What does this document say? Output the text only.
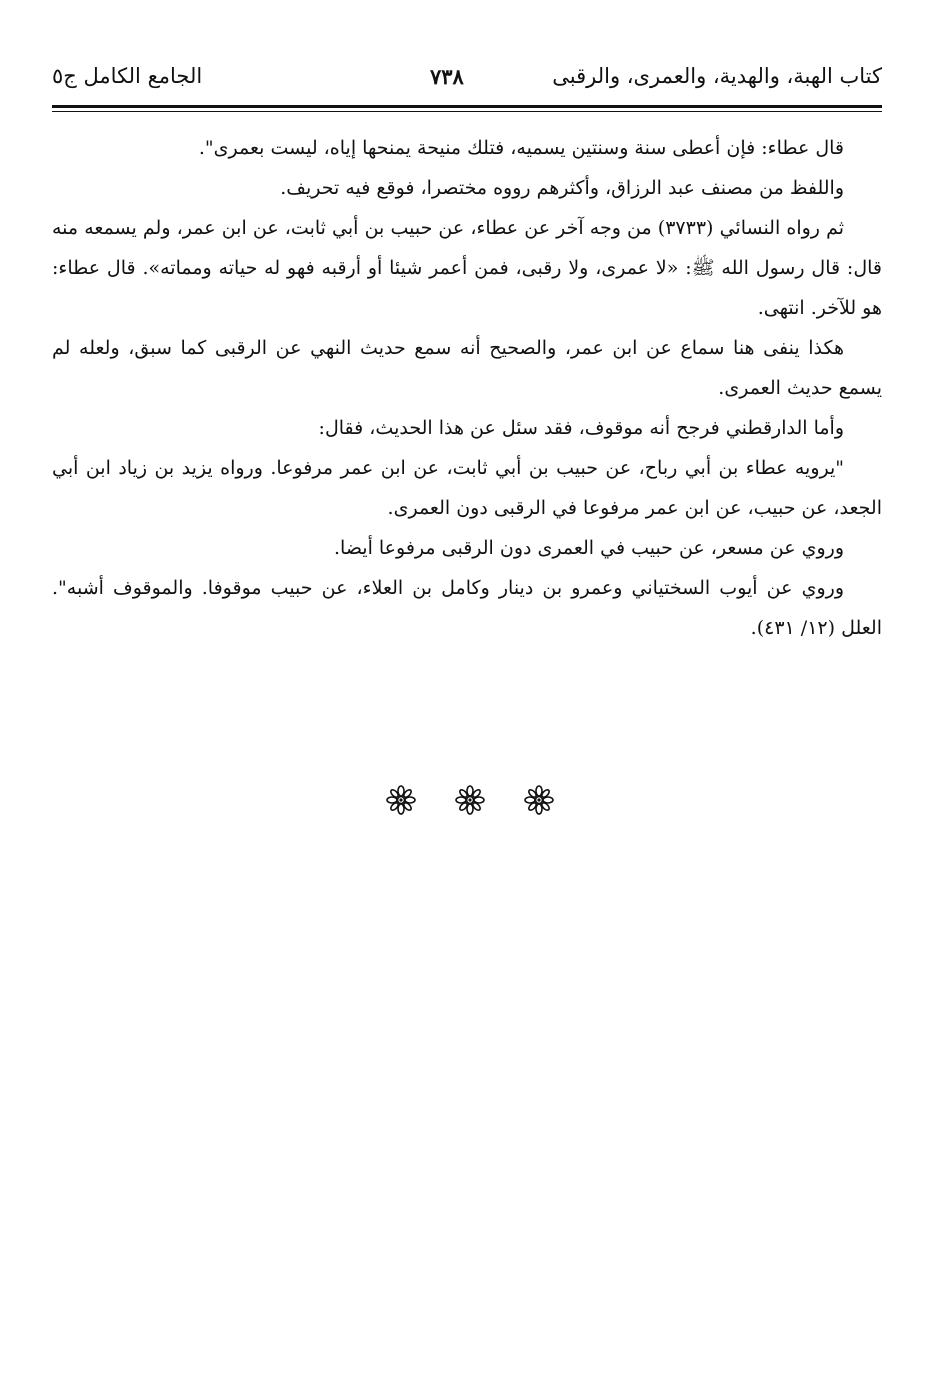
كتاب الهبة، والهدية، والعمرى، والرقبى
٧٣٨
الجامع الكامل ج٥

قال عطاء: فإن أعطى سنة وسنتين يسميه، فتلك منيحة يمنحها إياه، ليست بعمرى".

واللفظ من مصنف عبد الرزاق، وأكثرهم رووه مختصرا، فوقع فيه تحريف.

ثم رواه النسائي (٣٧٣٣) من وجه آخر عن عطاء، عن حبيب بن أبي ثابت، عن ابن عمر، ولم يسمعه منه قال: قال رسول الله ﷺ: «لا عمرى، ولا رقبى، فمن أعمر شيئا أو أرقبه فهو له حياته ومماته». قال عطاء: هو للآخر. انتهى.

هكذا ينفى هنا سماع عن ابن عمر، والصحيح أنه سمع حديث النهي عن الرقبى كما سبق، ولعله لم يسمع حديث العمرى.

وأما الدارقطني فرجح أنه موقوف، فقد سئل عن هذا الحديث، فقال:

"يرويه عطاء بن أبي رباح، عن حبيب بن أبي ثابت، عن ابن عمر مرفوعا. ورواه يزيد بن زياد ابن أبي الجعد، عن حبيب، عن ابن عمر مرفوعا في الرقبى دون العمرى.

وروي عن مسعر، عن حبيب في العمرى دون الرقبى مرفوعا أيضا.

وروي عن أيوب السختياني وعمرو بن دينار وكامل بن العلاء، عن حبيب موقوفا. والموقوف أشبه". العلل (١٢/ ٤٣١).
